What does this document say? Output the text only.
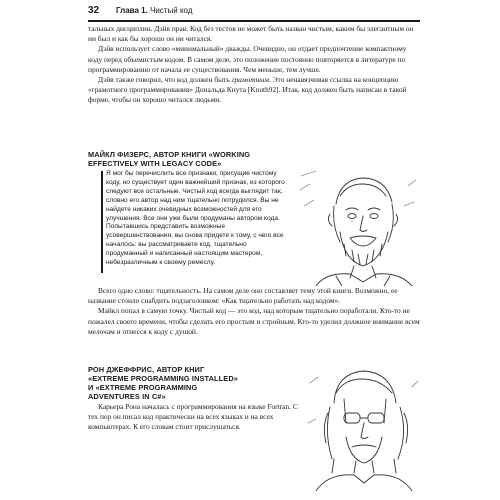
32 Глава 1. Чистый код

тальных дисциплин. Дэйв прав. Код без тестов не может быть назван чистым, каким бы элегантным он ни был и как бы хорошо он ни читался.

Дэйв использует слово «минимальный» дважды. Очевидно, он отдает предпочтение компактному коду перед объемистым кодом. В самом деле, это положение постоянно повторяется в литературе по программированию от начала ее существования. Чем меньше, тем лучше.

Дэйв также говорил, что код должен быть грамотным. Это ненавязчивая ссылка на концепцию «грамотного программирования» Дональда Кнута [Knuth92]. Итак, код должен быть написан в такой форме, чтобы он хорошо читался людьми.

МАЙКЛ ФИЗЕРС, АВТОР КНИГИ «WORKING
EFFECTIVELY WITH LEGACY CODE»
Я мог бы перечислить все признаки, присущие чистому коду, но существует один важнейший признак, из которого следуют все остальные. Чистый код всегда выглядит так, словно его автор над ним тщательно потрудился. Вы не найдете никаких очевидных возможностей для его улучшения. Все они уже были продуманы автором кода. Попытавшись представить возможные усовершенствования, вы снова придете к тому, с чего все началось: вы рассматриваете код, тщательно продуманный и написанный настоящим мастером, небезразличным к своему ремеслу.

Всего одно слово: тщательность. На самом деле оно составляет тему этой книги. Возможно, ее название стоило снабдить подзаголовком: «Как тщательно работать над кодом».

Майкл попал в самую точку. Чистый код — это код, над которым тщательно поработали. Кто-то не пожалел своего времени, чтобы сделать его простым и стройным. Кто-то уделил должное внимание всем мелочам и отнесся к коду с душой.

РОН ДЖЕФФРИС, АВТОР КНИГ
«EXTREME PROGRAMMING INSTALLED»
И «EXTREME PROGRAMMING
ADVENTURES IN C#»

Карьера Рона началась с программирования на языке Fortran. С тех пор он писал код практически на всех языках и на всех компьютерах. К его словам стоит прислушаться.
